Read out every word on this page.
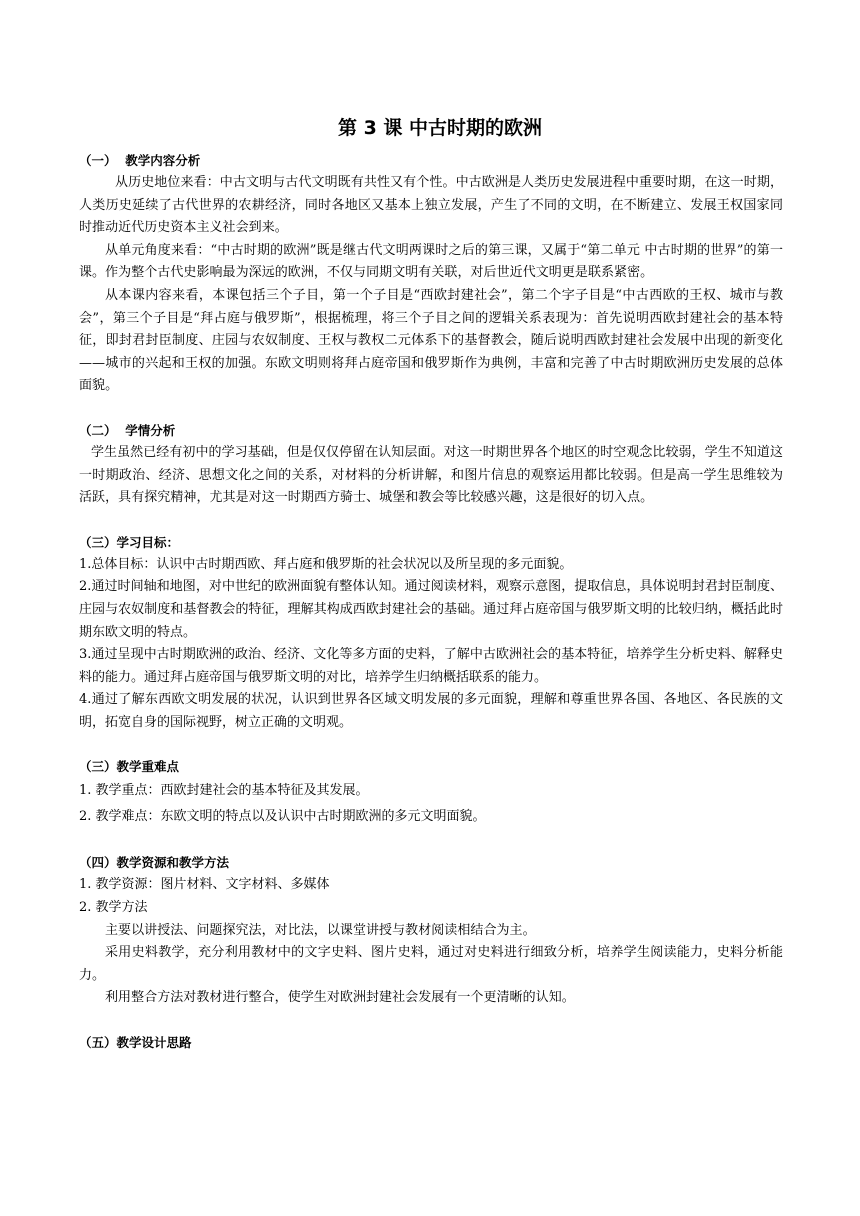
第 3 课 中古时期的欧洲

（一）  教学内容分析

从历史地位来看：中古文明与古代文明既有共性又有个性。中古欧洲是人类历史发展进程中重要时期，在这一时期，人类历史延续了古代世界的农耕经济，同时各地区又基本上独立发展，产生了不同的文明，在不断建立、发展王权国家同时推动近代历史资本主义社会到来。

从单元角度来看：“中古时期的欧洲”既是继古代文明两课时之后的第三课，又属于“第二单元 中古时期的世界”的第一课。作为整个古代史影响最为深远的欧洲，不仅与同期文明有关联，对后世近代文明更是联系紧密。

从本课内容来看，本课包括三个子目，第一个子目是“西欧封建社会”，第二个字子目是“中古西欧的王权、城市与教会”，第三个子目是“拜占庭与俄罗斯”，根据梳理，将三个子目之间的逻辑关系表现为：首先说明西欧封建社会的基本特征，即封君封臣制度、庄园与农奴制度、王权与教权二元体系下的基督教会，随后说明西欧封建社会发展中出现的新变化——城市的兴起和王权的加强。东欧文明则将拜占庭帝国和俄罗斯作为典例，丰富和完善了中古时期欧洲历史发展的总体面貌。

（二）  学情分析

学生虽然已经有初中的学习基础，但是仅仅停留在认知层面。对这一时期世界各个地区的时空观念比较弱，学生不知道这一时期政治、经济、思想文化之间的关系，对材料的分析讲解，和图片信息的观察运用都比较弱。但是高一学生思维较为活跃，具有探究精神，尤其是对这一时期西方骑士、城堡和教会等比较感兴趣，这是很好的切入点。

（三）学习目标：

1.总体目标：认识中古时期西欧、拜占庭和俄罗斯的社会状况以及所呈现的多元面貌。

2.通过时间轴和地图，对中世纪的欧洲面貌有整体认知。通过阅读材料，观察示意图，提取信息，具体说明封君封臣制度、庄园与农奴制度和基督教会的特征，理解其构成西欧封建社会的基础。通过拜占庭帝国与俄罗斯文明的比较归纳，概括此时期东欧文明的特点。

3.通过呈现中古时期欧洲的政治、经济、文化等多方面的史料，了解中古欧洲社会的基本特征，培养学生分析史料、解释史料的能力。通过拜占庭帝国与俄罗斯文明的对比，培养学生归纳概括联系的能力。

4.通过了解东西欧文明发展的状况，认识到世界各区域文明发展的多元面貌，理解和尊重世界各国、各地区、各民族的文明，拓宽自身的国际视野，树立正确的文明观。

（三）教学重难点

1. 教学重点：西欧封建社会的基本特征及其发展。

2. 教学难点：东欧文明的特点以及认识中古时期欧洲的多元文明面貌。

（四）教学资源和教学方法

1. 教学资源：图片材料、文字材料、多媒体

2. 教学方法

主要以讲授法、问题探究法，对比法，以课堂讲授与教材阅读相结合为主。

采用史料教学，充分利用教材中的文字史料、图片史料，通过对史料进行细致分析，培养学生阅读能力，史料分析能力。

利用整合方法对教材进行整合，使学生对欧洲封建社会发展有一个更清晰的认知。

（五）教学设计思路
